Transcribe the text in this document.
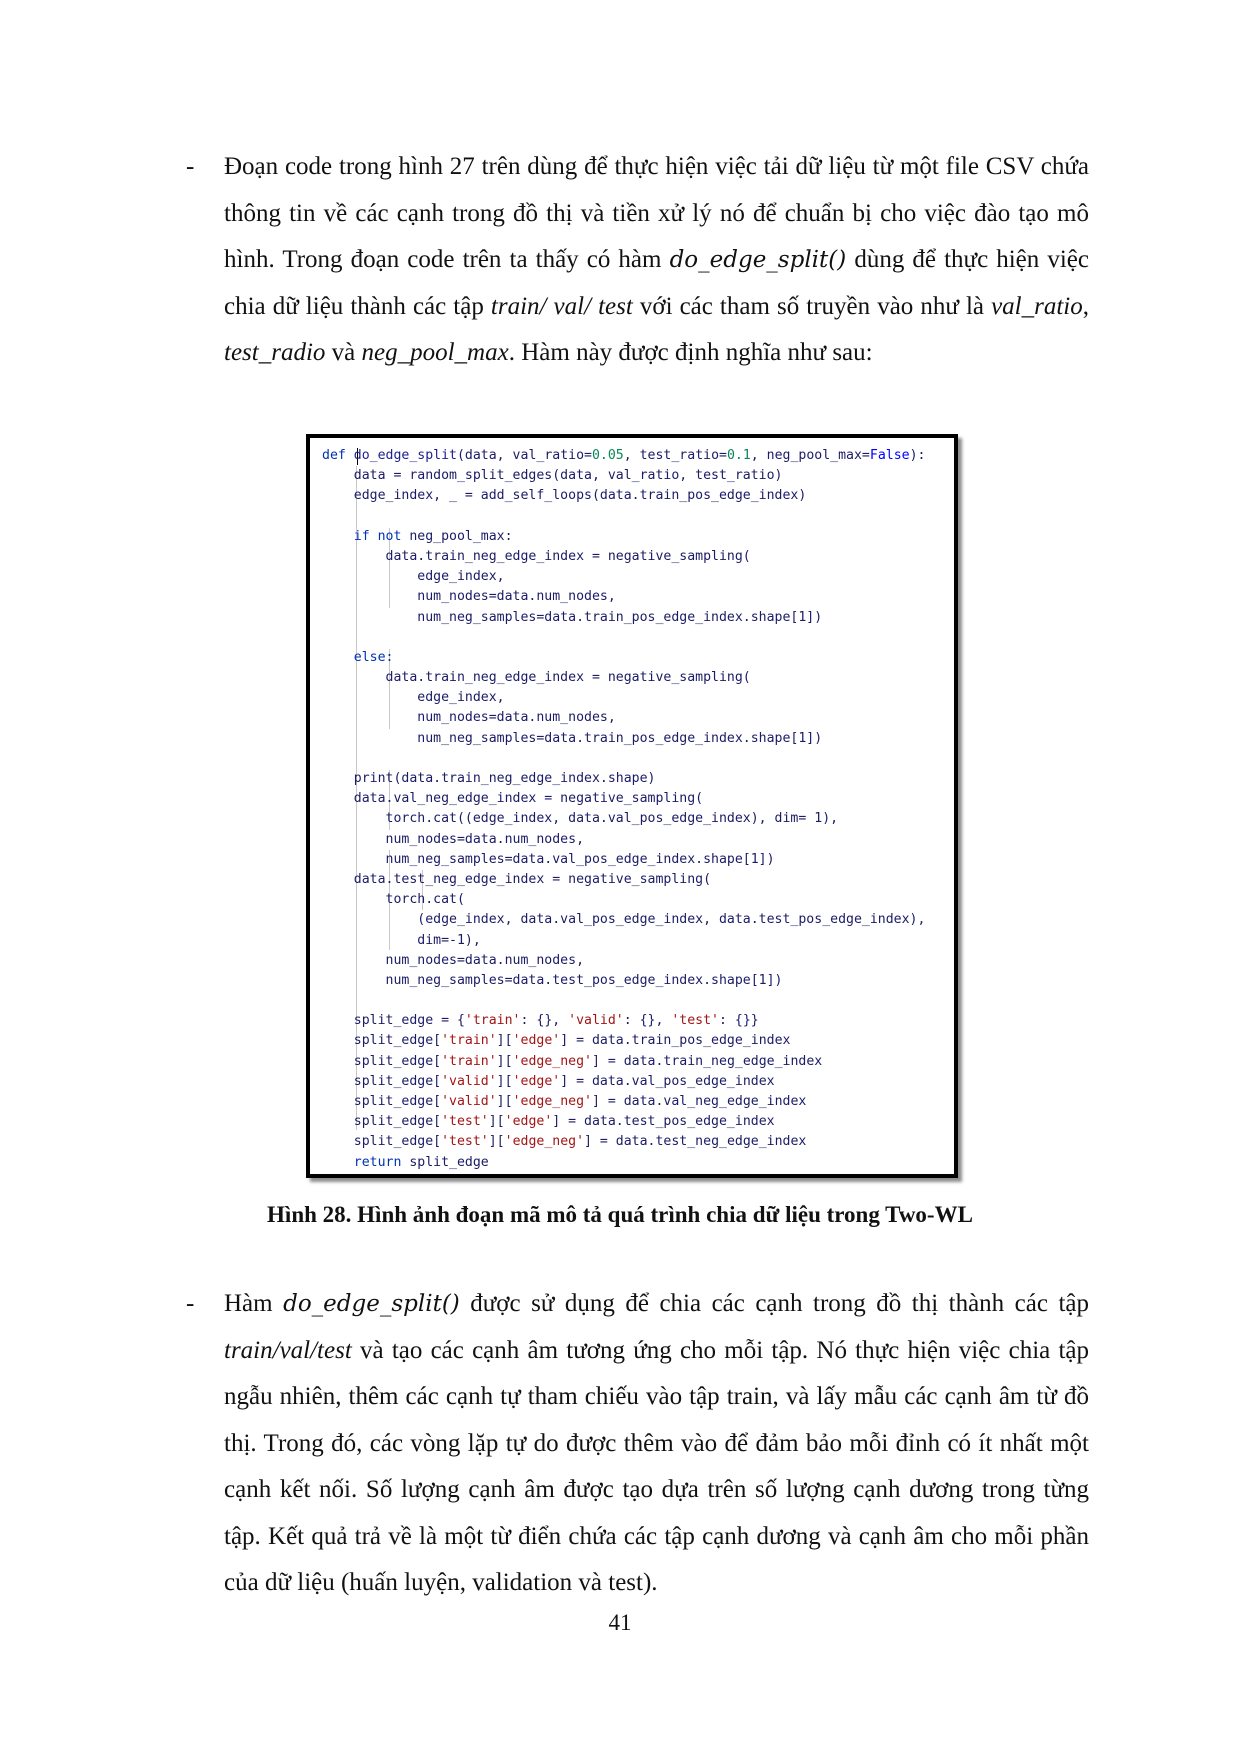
- Đoạn code trong hình 27 trên dùng để thực hiện việc tải dữ liệu từ một file CSV chứa thông tin về các cạnh trong đồ thị và tiền xử lý nó để chuẩn bị cho việc đào tạo mô hình. Trong đoạn code trên ta thấy có hàm do_edge_split() dùng để thực hiện việc chia dữ liệu thành các tập train/ val/ test với các tham số truyền vào như là val_ratio, test_radio và neg_pool_max. Hàm này được định nghĩa như sau:
def do_edge_split(data, val_ratio=0.05, test_ratio=0.1, neg_pool_max=False):
data = random_split_edges(data, val_ratio, test_ratio)
edge_index, _ = add_self_loops(data.train_pos_edge_index)
if not neg_pool_max:
data.train_neg_edge_index = negative_sampling(
edge_index,
num_nodes=data.num_nodes,
num_neg_samples=data.train_pos_edge_index.shape[1])
else:
data.train_neg_edge_index = negative_sampling(
edge_index,
num_nodes=data.num_nodes,
num_neg_samples=data.train_pos_edge_index.shape[1])
print(data.train_neg_edge_index.shape)
data.val_neg_edge_index = negative_sampling(
torch.cat((edge_index, data.val_pos_edge_index), dim= 1),
num_nodes=data.num_nodes,
num_neg_samples=data.val_pos_edge_index.shape[1])
data.test_neg_edge_index = negative_sampling(
torch.cat(
(edge_index, data.val_pos_edge_index, data.test_pos_edge_index),
dim=-1),
num_nodes=data.num_nodes,
num_neg_samples=data.test_pos_edge_index.shape[1])
split_edge = {'train': {}, 'valid': {}, 'test': {}}
split_edge['train']['edge'] = data.train_pos_edge_index
split_edge['train']['edge_neg'] = data.train_neg_edge_index
split_edge['valid']['edge'] = data.val_pos_edge_index
split_edge['valid']['edge_neg'] = data.val_neg_edge_index
split_edge['test']['edge'] = data.test_pos_edge_index
split_edge['test']['edge_neg'] = data.test_neg_edge_index
return split_edge
Hình 28. Hình ảnh đoạn mã mô tả quá trình chia dữ liệu trong Two-WL
- Hàm do_edge_split() được sử dụng để chia các cạnh trong đồ thị thành các tập train/val/test và tạo các cạnh âm tương ứng cho mỗi tập. Nó thực hiện việc chia tập ngẫu nhiên, thêm các cạnh tự tham chiếu vào tập train, và lấy mẫu các cạnh âm từ đồ thị. Trong đó, các vòng lặp tự do được thêm vào để đảm bảo mỗi đỉnh có ít nhất một cạnh kết nối. Số lượng cạnh âm được tạo dựa trên số lượng cạnh dương trong từng tập. Kết quả trả về là một từ điển chứa các tập cạnh dương và cạnh âm cho mỗi phần của dữ liệu (huấn luyện, validation và test).
41
